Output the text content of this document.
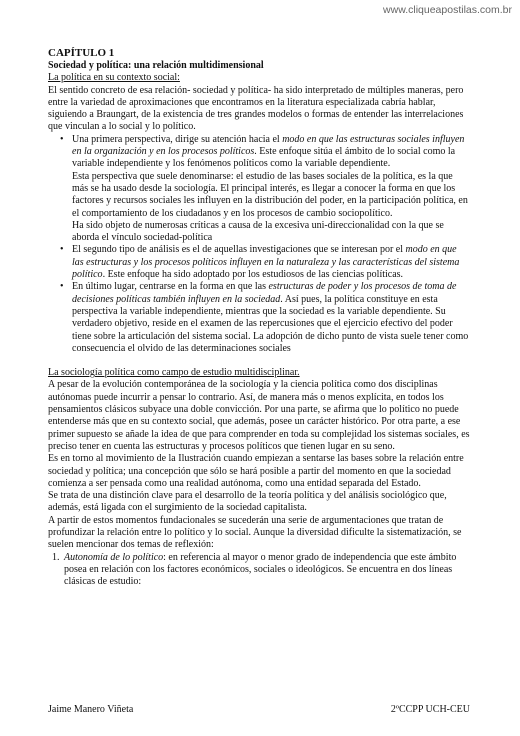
www.cliqueapostilas.com.br
CAPÍTULO 1
Sociedad y política: una relación multidimensional
La política en su contexto social:

El sentido concreto de esa relación- sociedad y política- ha sido interpretado de múltiples maneras, pero entre la variedad de aproximaciones que encontramos en la literatura especializada cabría hablar, siguiendo a Braungart, de la existencia de tres grandes modelos o formas de entender las interrelaciones que vinculan a lo social y lo político.

• Una primera perspectiva, dirige su atención hacia el modo en que las estructuras sociales influyen en la organización y en los procesos políticos. Este enfoque sitúa el ámbito de lo social como la variable independiente y los fenómenos políticos como la variable dependiente.

Esta perspectiva que suele denominarse: el estudio de las bases sociales de la política, es la que más se ha usado desde la sociología. El principal interés, es llegar a conocer la forma en que los factores y recursos sociales les influyen en la distribución del poder, en la participación política, en el comportamiento de los ciudadanos y en los procesos de cambio sociopolítico.

Ha sido objeto de numerosas críticas a causa de la excesiva uni-direccionalidad con la que se aborda el vínculo sociedad-política

• El segundo tipo de análisis es el de aquellas investigaciones que se interesan por el modo en que las estructuras y los procesos políticos influyen en la naturaleza y las características del sistema político. Este enfoque ha sido adoptado por los estudiosos de las ciencias políticas.

• En último lugar, centrarse en la forma en que las estructuras de poder y los procesos de toma de decisiones políticas también influyen en la sociedad. Así pues, la política constituye en esta perspectiva la variable independiente, mientras que la sociedad es la variable dependiente. Su verdadero objetivo, reside en el examen de las repercusiones que el ejercicio efectivo del poder tiene sobre la articulación del sistema social. La adopción de dicho punto de vista suele tener como consecuencia el olvido de las determinaciones sociales

La sociología política como campo de estudio multidisciplinar.

A pesar de la evolución contemporánea de la sociología y la ciencia política como dos disciplinas autónomas puede incurrir a pensar lo contrario. Así, de manera más o menos explícita, en todos los pensamientos clásicos subyace una doble convicción. Por una parte, se afirma que lo político no puede entenderse más que en su contexto social, que además, posee un carácter histórico. Por otra parte, a ese primer supuesto se añade la idea de que para comprender en toda su complejidad los sistemas sociales, es preciso tener en cuenta las estructuras y procesos políticos que tienen lugar en su seno.

Es en torno al movimiento de la Ilustración cuando empiezan a sentarse las bases sobre la relación entre sociedad y política; una concepción que sólo se hará posible a partir del momento en que la sociedad comienza a ser pensada como una realidad autónoma, como una entidad separada del Estado.

Se trata de una distinción clave para el desarrollo de la teoría política y del análisis sociológico que, además, está ligada con el surgimiento de la sociedad capitalista.

A partir de estos momentos fundacionales se sucederán una serie de argumentaciones que tratan de profundizar la relación entre lo político y lo social. Aunque la diversidad dificulte la sistematización, se suelen mencionar dos temas de reflexión:

1. Autonomía de lo político: en referencia al mayor o menor grado de independencia que este ámbito posea en relación con los factores económicos, sociales o ideológicos. Se encuentra en dos líneas clásicas de estudio:

Jaime Manero Viñeta	2ºCCPP UCH-CEU
